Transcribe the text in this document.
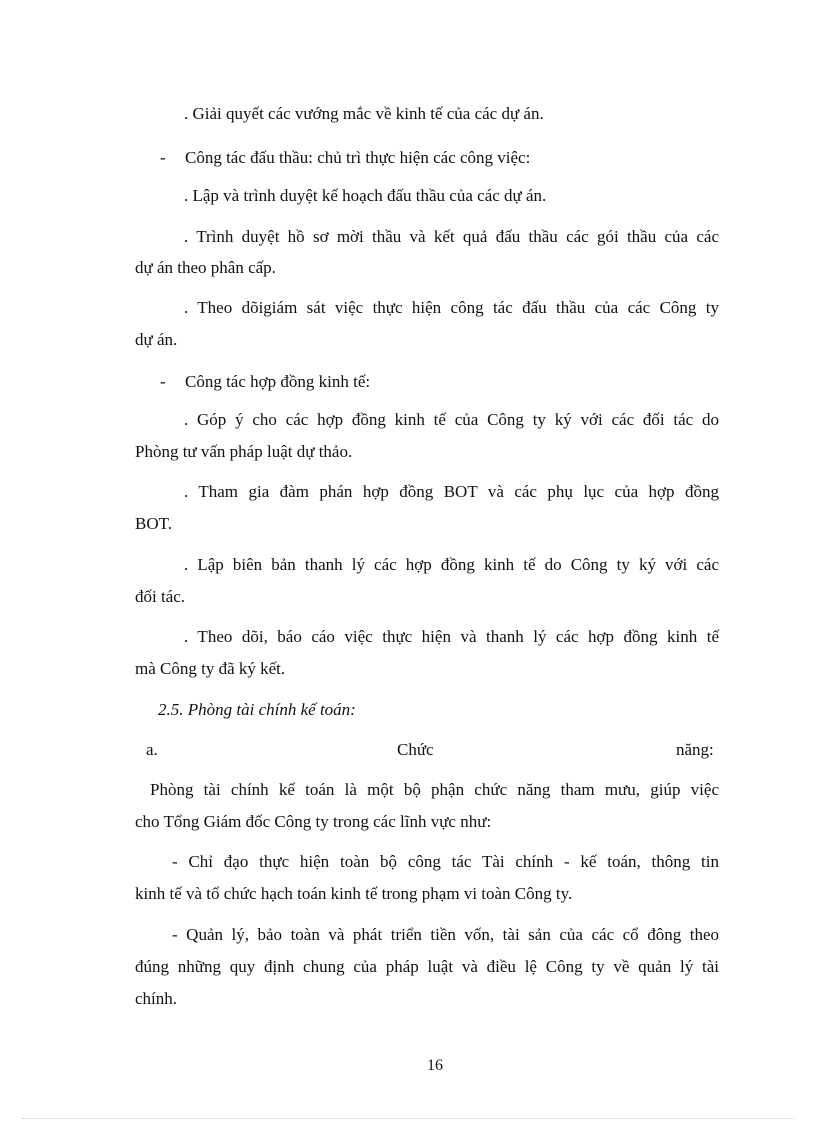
. Giải quyết các vướng mắc về kinh tế của các dự án.
- Công tác đấu thầu: chủ trì thực hiện các công việc:
. Lập và trình duyệt kế hoạch đấu thầu của các dự án.
. Trình duyệt hồ sơ mời thầu và kết quả đấu thầu các gói thầu của các
dự án theo phân cấp.
. Theo dõigiám sát việc thực hiện công tác đấu thầu của các Công ty
dự án.
- Công tác hợp đồng kinh tế:
. Góp ý cho các hợp đồng kinh tế của Công ty ký với các đối tác do
Phòng tư vấn pháp luật dự thảo.
. Tham gia đàm phán hợp đồng BOT và các phụ lục của hợp đồng
BOT.
. Lập biên bản thanh lý các hợp đồng kinh tế do Công ty ký với các
đối tác.
. Theo dõi, báo cáo việc thực hiện và thanh lý các hợp đồng kinh tế
mà Công ty đã ký kết.
2.5. Phòng tài chính kế toán:
a.	Chức	năng:
Phòng tài chính kế toán là một bộ phận chức năng tham mưu, giúp việc
cho Tổng Giám đốc Công ty trong các lĩnh vực như:
- Chỉ đạo thực hiện toàn bộ công tác Tài chính - kế toán, thông tin
kinh tế và tổ chức hạch toán kinh tế trong phạm vi toàn Công ty.
- Quản lý, bảo toàn và phát triển tiền vốn, tài sản của các cổ đông theo
đúng những quy định chung của pháp luật và điều lệ Công ty về quản lý tài
chính.
16
